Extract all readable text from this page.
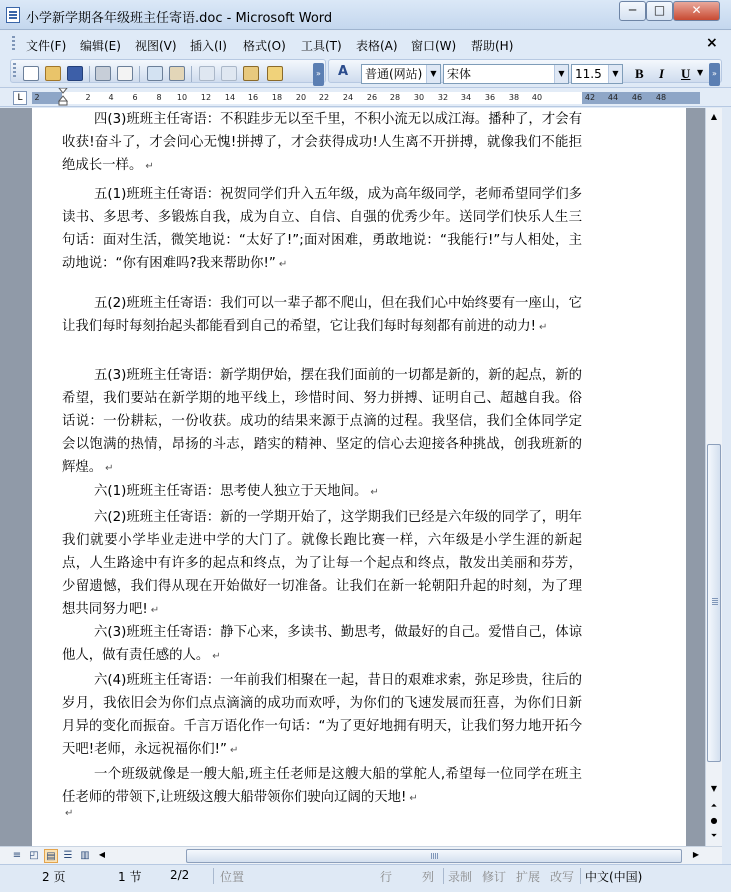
小学新学期各年级班主任寄语.doc - Microsoft Word
─	□	✕
文件(F) 编辑(E) 视图(V) 插入(I) 格式(O) 工具(T) 表格(A) 窗口(W) 帮助(H)	×
» A	普通(网站)	▼ 宋体	▼ 11.5	▼ B I U ▼	»
L	2	2 4 6 8 10 12 14 16 18 20 22 24 26 28 30 32 34 36 38 40	42 44 46 48

四(3)班班主任寄语：不积跬步无以至千里，不积小流无以成江海。播种了，才会有收获!奋斗了，才会问心无愧!拼搏了，才会获得成功!人生离不开拼搏，就像我们不能拒绝成长一样。 ↵

五(1)班班主任寄语：祝贺同学们升入五年级，成为高年级同学，老师希望同学们多读书、多思考、多锻炼自我，成为自立、自信、自强的优秀少年。送同学们快乐人生三句话：面对生活，微笑地说：“太好了!”;面对困难，勇敢地说：“我能行!”与人相处，主动地说：“你有困难吗?我来帮助你!” ↵

五(2)班班主任寄语：我们可以一辈子都不爬山，但在我们心中始终要有一座山，它让我们每时每刻抬起头都能看到自己的希望，它让我们每时每刻都有前进的动力! ↵

五(3)班班主任寄语：新学期伊始，摆在我们面前的一切都是新的，新的起点，新的希望，我们要站在新学期的地平线上，珍惜时间、努力拼搏、证明自己、超越自我。俗话说：一份耕耘，一份收获。成功的结果来源于点滴的过程。我坚信，我们全体同学定会以饱满的热情，昂扬的斗志，踏实的精神、坚定的信心去迎接各种挑战，创我班新的辉煌。 ↵

六(1)班班主任寄语：思考使人独立于天地间。 ↵

六(2)班班主任寄语：新的一学期开始了，这学期我们已经是六年级的同学了，明年我们就要小学毕业走进中学的大门了。就像长跑比赛一样，六年级是小学生涯的新起点，人生路途中有许多的起点和终点，为了让每一个起点和终点，散发出美丽和芬芳，少留遗憾，我们得从现在开始做好一切准备。让我们在新一轮朝阳升起的时刻，为了理想共同努力吧! ↵

六(3)班班主任寄语：静下心来，多读书、勤思考，做最好的自己。爱惜自己，体谅他人，做有责任感的人。 ↵

六(4)班班主任寄语：一年前我们相聚在一起，昔日的艰难求索，弥足珍贵，往后的岁月，我依旧会为你们点点滴滴的成功而欢呼，为你们的飞速发展而狂喜，为你们日新月异的变化而振奋。千言万语化作一句话：“为了更好地拥有明天，让我们努力地开拓今天吧!老师，永远祝福你们!” ↵

一个班级就像是一艘大船,班主任老师是这艘大船的掌舵人,希望每一位同学在班主任老师的带领下,让班级这艘大船带领你们驶向辽阔的天地! ↵

↵
▲
▼
⏶
●
⏷
≡ ◰ ▤ ☰ ▥	◀	▶
2 页	1 节 2/2	位置	行 列 录制 修订 扩展 改写 中文(中国)
